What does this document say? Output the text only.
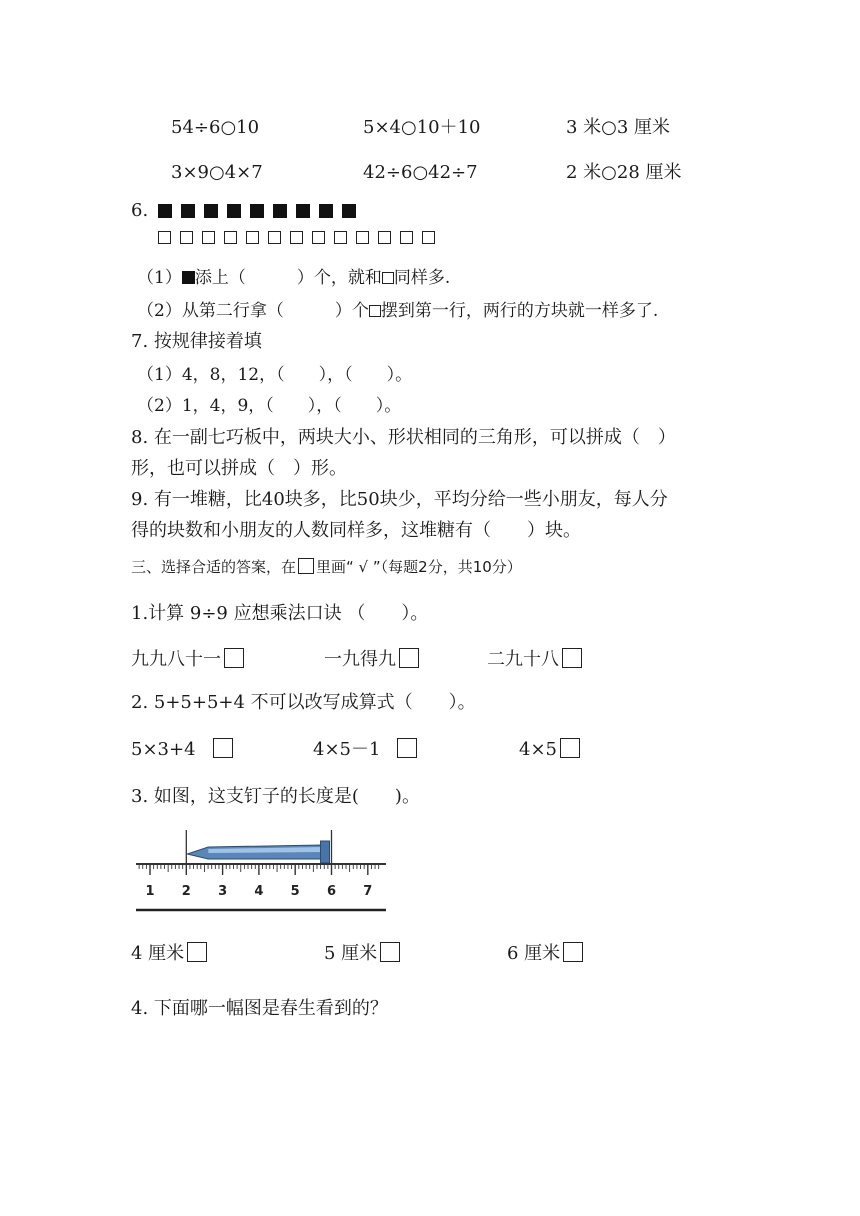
54÷6○10	5×4○10＋10	3 米○3 厘米
3×9○4×7	42÷6○42÷7	2 米○28 厘米
6.
（1） 添上（　　　）个，就和 同样多.
（2）从第二行拿（　　　）个 摆到第一行，两行的方块就一样多了.
7. 按规律接着填
（1）4，8，12，（　　），（　　）。
（2）1，4，9，（　　），（　　）。
8. 在一副七巧板中，两块大小、形状相同的三角形，可以拼成（　）
形，也可以拼成（　）形。
9. 有一堆糖，比40块多，比50块少，平均分给一些小朋友，每人分
得的块数和小朋友的人数同样多，这堆糖有（　　）块。
三、选择合适的答案，在 里画“ √ ”（每题2分，共10分）
1.计算 9÷9 应想乘法口诀 （　　）。
九九八十一	一九得九	二九十八
2. 5+5+5+4 不可以改写成算式（　　）。
5×3+4	4×5－1	4×5
3. 如图，这支钉子的长度是(　　)。
1 2 3 4 5 6 7
4 厘米	5 厘米	6 厘米
4. 下面哪一幅图是春生看到的？
